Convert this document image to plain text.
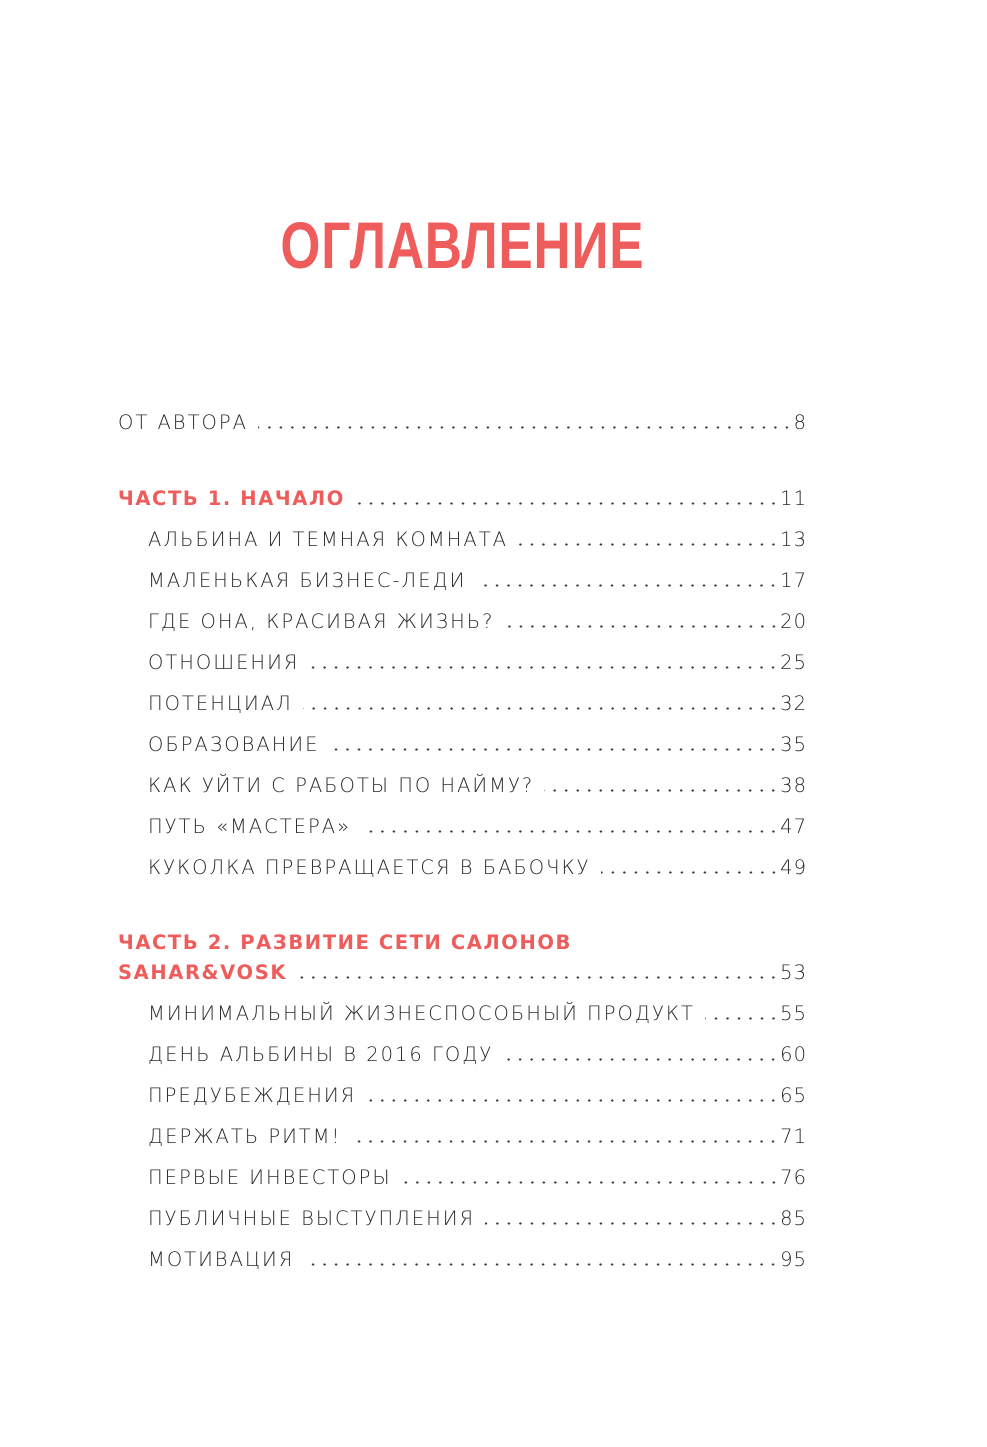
ОГЛАВЛЕНИЕ
ОТ АВТОРА	8
ЧАСТЬ 1. НАЧАЛО	11
АЛЬБИНА И ТЕМНАЯ КОМНАТА	13
МАЛЕНЬКАЯ БИЗНЕС-ЛЕДИ	17
ГДЕ ОНА, КРАСИВАЯ ЖИЗНЬ?	20
ОТНОШЕНИЯ	25
ПОТЕНЦИАЛ	32
ОБРАЗОВАНИЕ	35
КАК УЙТИ С РАБОТЫ ПО НАЙМУ?	38
ПУТЬ «МАСТЕРА»	47
КУКОЛКА ПРЕВРАЩАЕТСЯ В БАБОЧКУ	49
ЧАСТЬ 2. РАЗВИТИЕ СЕТИ САЛОНОВ
SAHAR&VOSK	53
МИНИМАЛЬНЫЙ ЖИЗНЕСПОСОБНЫЙ ПРОДУКТ	55
ДЕНЬ АЛЬБИНЫ В 2016 ГОДУ	60
ПРЕДУБЕЖДЕНИЯ	65
ДЕРЖАТЬ РИТМ!	71
ПЕРВЫЕ ИНВЕСТОРЫ	76
ПУБЛИЧНЫЕ ВЫСТУПЛЕНИЯ	85
МОТИВАЦИЯ	95
